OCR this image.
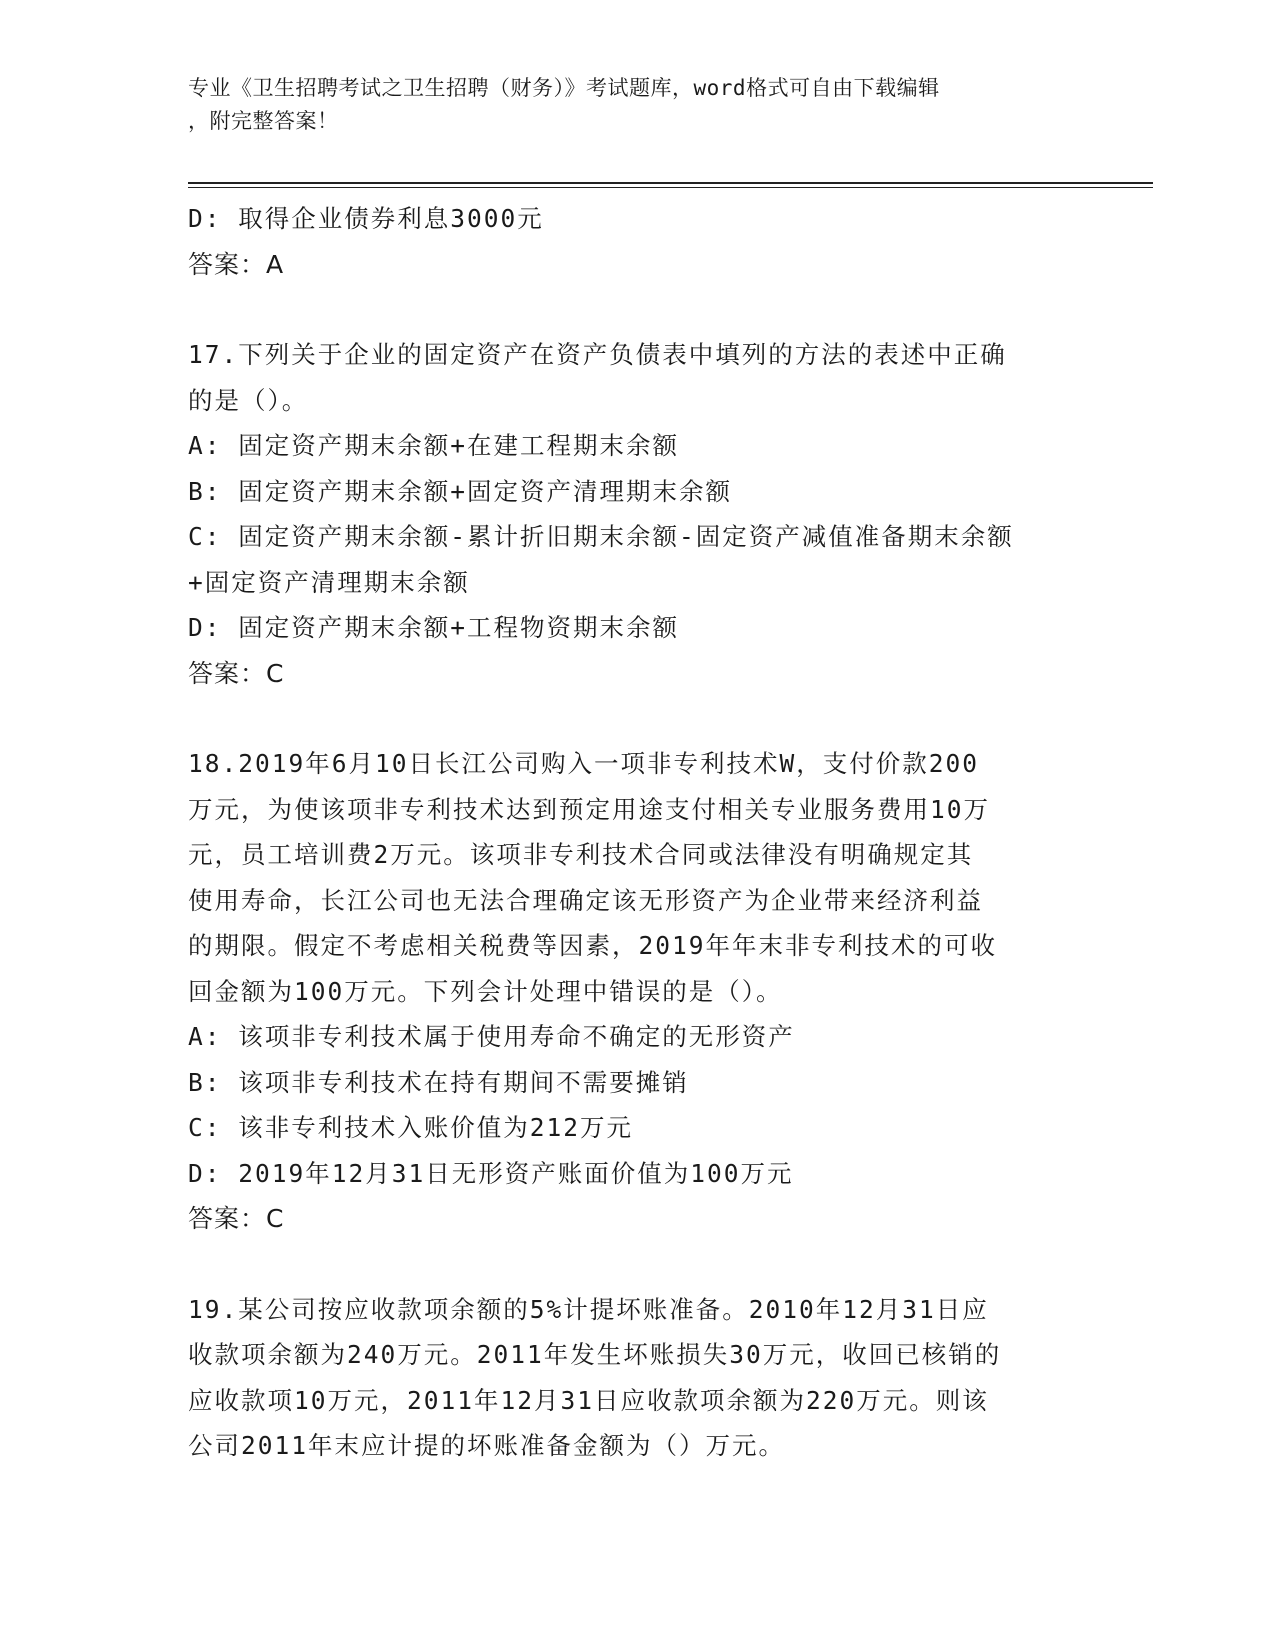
专业《卫生招聘考试之卫生招聘（财务）》考试题库，word格式可自由下载编辑
，附完整答案！

D: 取得企业债券利息3000元
答案：A
17.下列关于企业的固定资产在资产负债表中填列的方法的表述中正确
的是（）。
A: 固定资产期末余额+在建工程期末余额
B: 固定资产期末余额+固定资产清理期末余额
C: 固定资产期末余额-累计折旧期末余额-固定资产减值准备期末余额
+固定资产清理期末余额
D: 固定资产期末余额+工程物资期末余额
答案：C
18.2019年6月10日长江公司购入一项非专利技术W，支付价款200
万元，为使该项非专利技术达到预定用途支付相关专业服务费用10万
元，员工培训费2万元。该项非专利技术合同或法律没有明确规定其
使用寿命，长江公司也无法合理确定该无形资产为企业带来经济利益
的期限。假定不考虑相关税费等因素，2019年年末非专利技术的可收
回金额为100万元。下列会计处理中错误的是（）。
A: 该项非专利技术属于使用寿命不确定的无形资产
B: 该项非专利技术在持有期间不需要摊销
C: 该非专利技术入账价值为212万元
D: 2019年12月31日无形资产账面价值为100万元
答案：C
19.某公司按应收款项余额的5%计提坏账准备。2010年12月31日应
收款项余额为240万元。2011年发生坏账损失30万元，收回已核销的
应收款项10万元，2011年12月31日应收款项余额为220万元。则该
公司2011年末应计提的坏账准备金额为（）万元。
